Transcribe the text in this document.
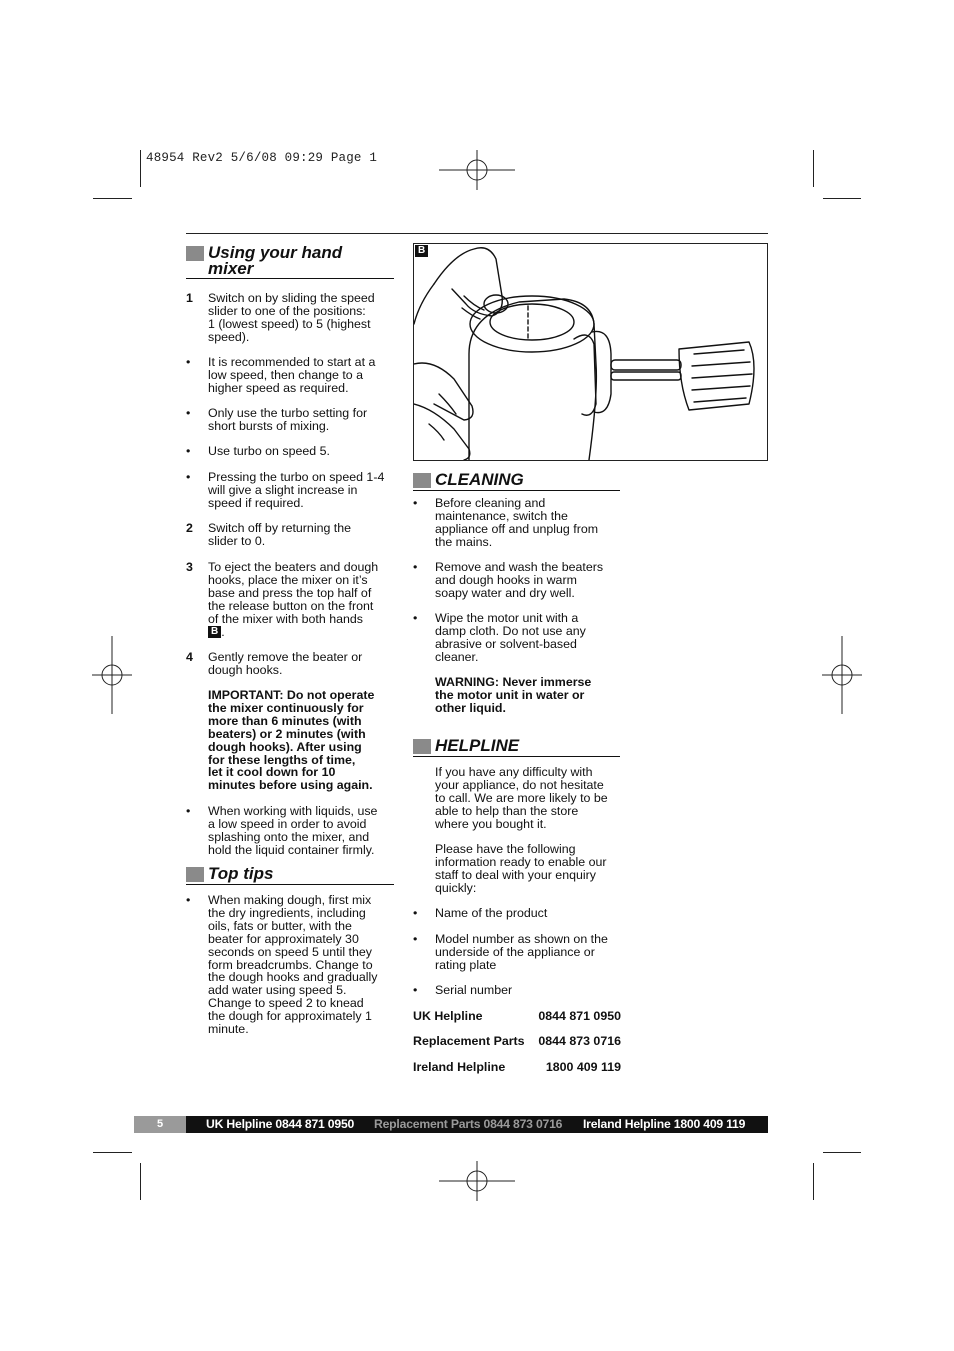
48954 Rev2 5/6/08 09:29 Page 1
Using your hand
mixer
1	Switch on by sliding the speed
slider to one of the positions:
1 (lowest speed) to 5 (highest
speed).
•	It is recommended to start at a
low speed, then change to a
higher speed as required.
•	Only use the turbo setting for
short bursts of mixing.
•	Use turbo on speed 5.
•	Pressing the turbo on speed 1-4
will give a slight increase in
speed if required.
2	Switch off by returning the
slider to 0.
3	To eject the beaters and dough
hooks, place the mixer on it’s
base and press the top half of
the release button on the front
of the mixer with both hands
B .
4	Gently remove the beater or
dough hooks.
IMPORTANT: Do not operate
the mixer continuously for
more than 6 minutes (with
beaters) or 2 minutes (with
dough hooks). After using
for these lengths of time,
let it cool down for 10
minutes before using again.
•	When working with liquids, use
a low speed in order to avoid
splashing onto the mixer, and
hold the liquid container firmly.
Top tips
•	When making dough, first mix
the dry ingredients, including
oils, fats or butter, with the
beater for approximately 30
seconds on speed 5 until they
form breadcrumbs. Change to
the dough hooks and gradually
add water using speed 5.
Change to speed 2 to knead
the dough for approximately 1
minute.
B
CLEANING
•	Before cleaning and
maintenance, switch the
appliance off and unplug from
the mains.
•	Remove and wash the beaters
and dough hooks in warm
soapy water and dry well.
•	Wipe the motor unit with a
damp cloth. Do not use any
abrasive or solvent-based
cleaner.
WARNING: Never immerse
the motor unit in water or
other liquid.
HELPLINE
If you have any difficulty with
your appliance, do not hesitate
to call. We are more likely to be
able to help than the store
where you bought it.
Please have the following
information ready to enable our
staff to deal with your enquiry
quickly:
•	Name of the product
•	Model number as shown on the
underside of the appliance or
rating plate
•	Serial number
UK Helpline	0844 871 0950
Replacement Parts 0844 873 0716
Ireland Helpline	1800 409 119
5	UK Helpline 0844 871 0950 Replacement Parts 0844 873 0716 Ireland Helpline 1800 409 119
